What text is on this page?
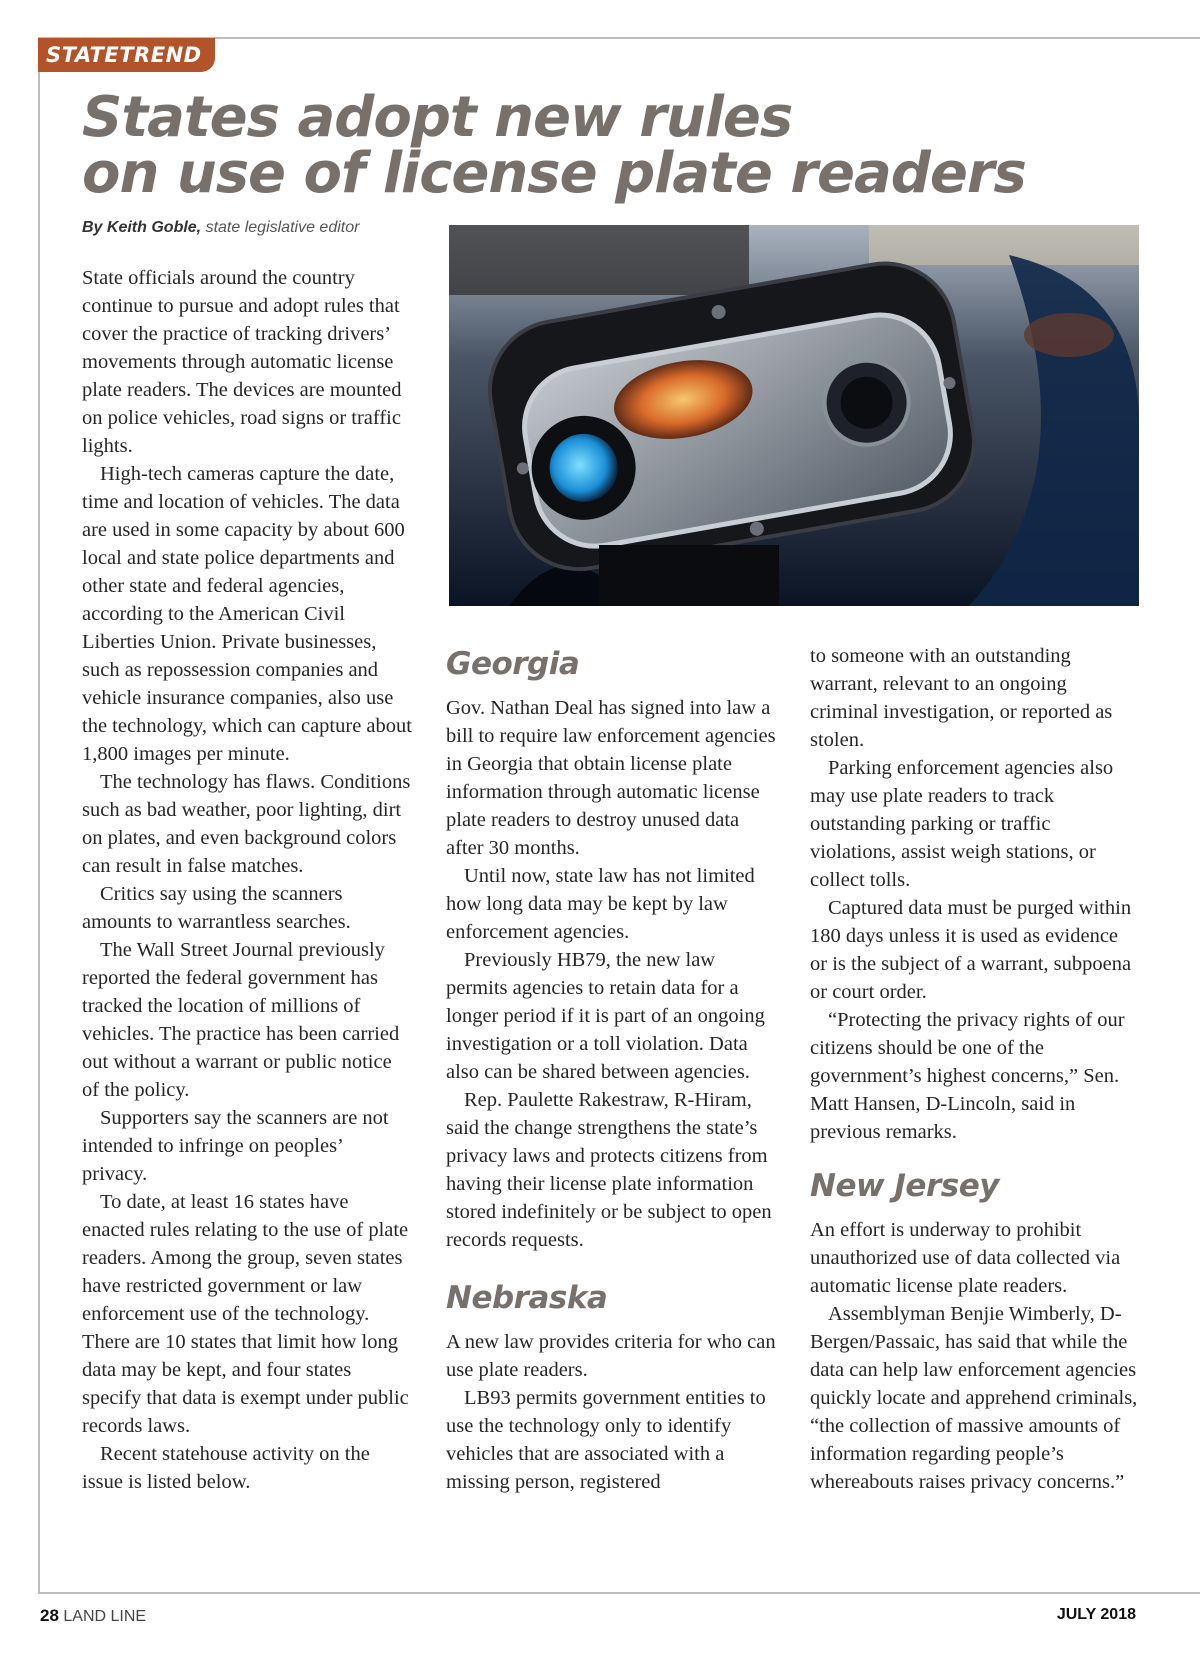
STATETREND
States adopt new rules
on use of license plate readers
By Keith Goble, state legislative editor

State officials around the country continue to pursue and adopt rules that cover the practice of tracking drivers’ movements through automatic license plate readers. The devices are mounted on police vehicles, road signs or traffic lights.

High-tech cameras capture the date, time and location of vehicles. The data are used in some capacity by about 600 local and state police departments and other state and federal agencies, according to the American Civil Liberties Union. Private businesses, such as repossession companies and vehicle insurance companies, also use the technology, which can capture about 1,800 images per minute.

The technology has flaws. Conditions such as bad weather, poor lighting, dirt on plates, and even background colors can result in false matches.

Critics say using the scanners amounts to warrantless searches.

The Wall Street Journal previously reported the federal government has tracked the location of millions of vehicles. The practice has been carried out without a warrant or public notice of the policy.

Supporters say the scanners are not intended to infringe on peoples’ privacy.

To date, at least 16 states have enacted rules relating to the use of plate readers. Among the group, seven states have restricted government or law enforcement use of the technology. There are 10 states that limit how long data may be kept, and four states specify that data is exempt under public records laws.

Recent statehouse activity on the issue is listed below.

Georgia

Gov. Nathan Deal has signed into law a bill to require law enforcement agencies in Georgia that obtain license plate information through automatic license plate readers to destroy unused data after 30 months.

Until now, state law has not limited how long data may be kept by law enforcement agencies.

Previously HB79, the new law permits agencies to retain data for a longer period if it is part of an ongoing investigation or a toll violation. Data also can be shared between agencies.

Rep. Paulette Rakestraw, R-Hiram, said the change strengthens the state’s privacy laws and protects citizens from having their license plate information stored indefinitely or be subject to open records requests.

Nebraska

A new law provides criteria for who can use plate readers.

LB93 permits government entities to use the technology only to identify vehicles that are associated with a missing person, registered

to someone with an outstanding warrant, relevant to an ongoing criminal investigation, or reported as stolen.

Parking enforcement agencies also may use plate readers to track outstanding parking or traffic violations, assist weigh stations, or collect tolls.

Captured data must be purged within 180 days unless it is used as evidence or is the subject of a warrant, subpoena or court order.

“Protecting the privacy rights of our citizens should be one of the government’s highest concerns,” Sen. Matt Hansen, D-Lincoln, said in previous remarks.

New Jersey

An effort is underway to prohibit unauthorized use of data collected via automatic license plate readers.

Assemblyman Benjie Wimberly, D-Bergen/Passaic, has said that while the data can help law enforcement agencies quickly locate and apprehend criminals, “the collection of massive amounts of information regarding people’s whereabouts raises privacy concerns.”

28 LAND LINE	JULY 2018
